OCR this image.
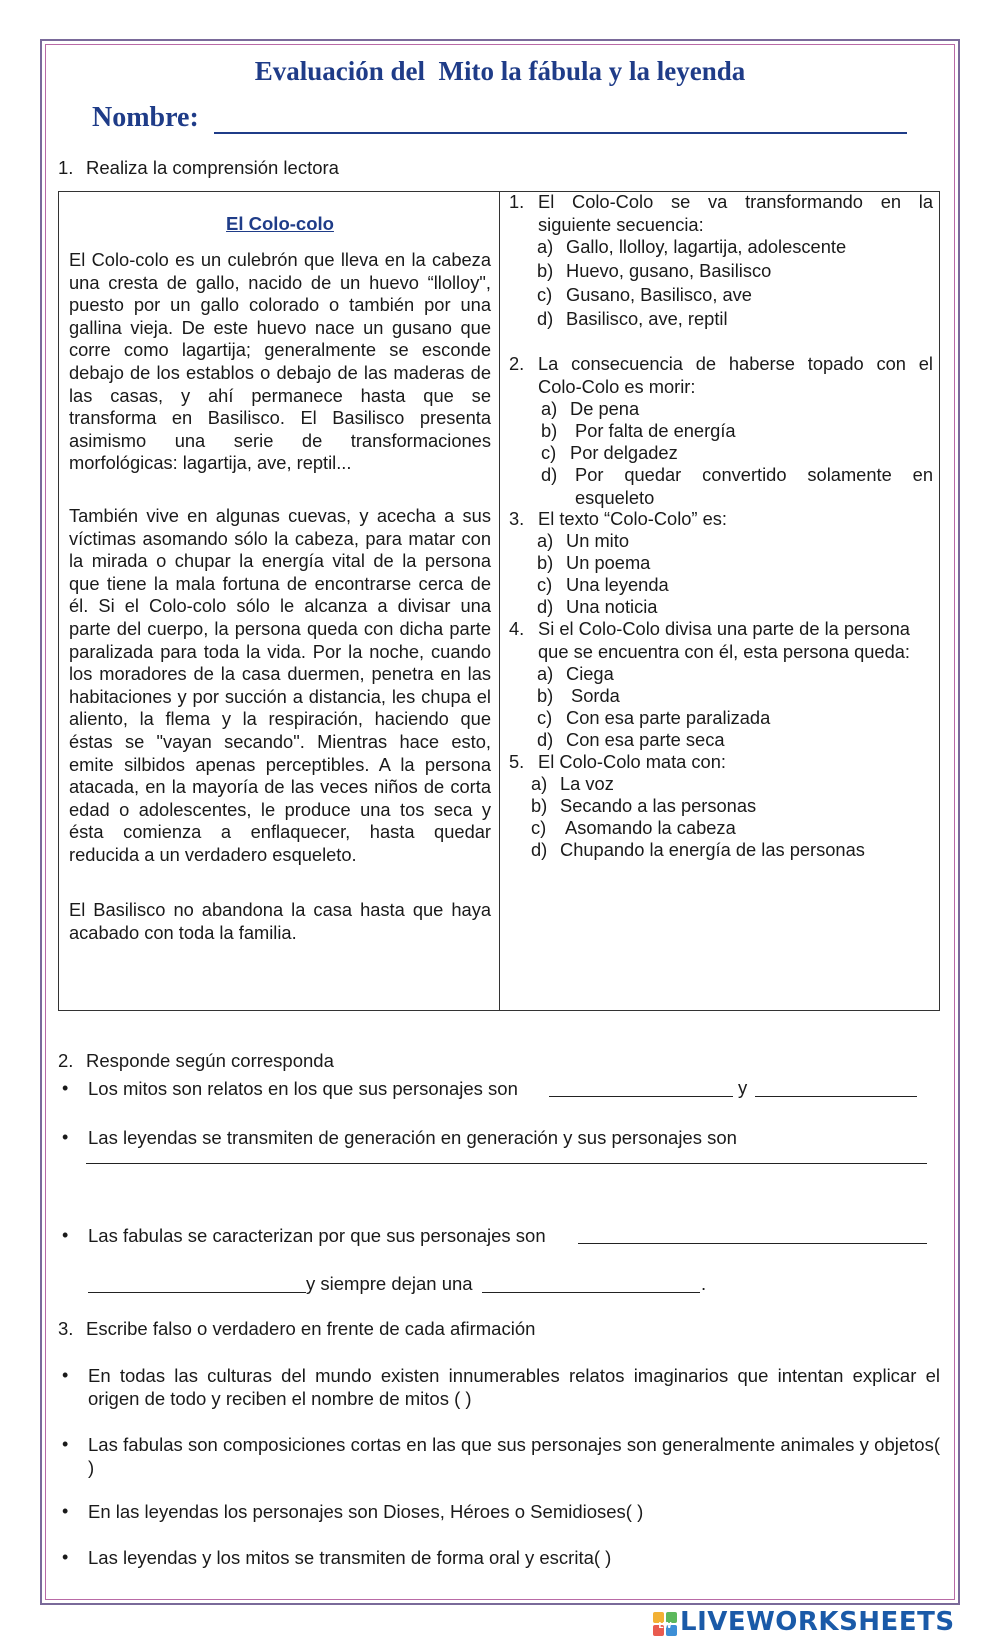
Evaluación del  Mito la fábula y la leyenda
Nombre:
1. Realiza la comprensión lectora
El Colo-colo
El Colo-colo es un culebrón que lleva en la cabeza una cresta de gallo, nacido de un huevo “llolloy", puesto por un gallo colorado o también por una gallina vieja. De este huevo nace un gusano que corre como lagartija; generalmente se esconde debajo de los establos o debajo de las maderas de las casas, y ahí permanece hasta que se transforma en Basilisco. El Basilisco presenta asimismo una serie de transformaciones morfológicas: lagartija, ave, reptil...
También vive en algunas cuevas, y acecha a sus víctimas asomando sólo la cabeza, para matar con la mirada o chupar la energía vital de la persona que tiene la mala fortuna de encontrarse cerca de él. Si el Colo-colo sólo le alcanza a divisar una parte del cuerpo, la persona queda con dicha parte paralizada para toda la vida. Por la noche, cuando los moradores de la casa duermen, penetra en las habitaciones y por succión a distancia, les chupa el aliento, la flema y la respiración, haciendo que éstas se "vayan secando". Mientras hace esto, emite silbidos apenas perceptibles. A la persona atacada, en la mayoría de las veces niños de corta edad o adolescentes, le produce una tos seca y ésta comienza a enflaquecer, hasta quedar reducida a un verdadero esqueleto.
El Basilisco no abandona la casa hasta que haya acabado con toda la familia.
1. El Colo-Colo se va transformando en la siguiente secuencia:
a) Gallo, llolloy, lagartija, adolescente
b) Huevo, gusano, Basilisco
c) Gusano, Basilisco, ave
d) Basilisco, ave, reptil
2. La consecuencia de haberse topado con el Colo-Colo es morir:
a) De pena
b) Por falta de energía
c) Por delgadez
d) Por quedar convertido solamente en esqueleto
3. El texto “Colo-Colo” es:
a) Un mito
b) Un poema
c) Una leyenda
d) Una noticia
4. Si el Colo-Colo divisa una parte de la persona que se encuentra con él, esta persona queda:
a) Ciega
b) Sorda
c) Con esa parte paralizada
d) Con esa parte seca
5. El Colo-Colo mata con:
a) La voz
b) Secando a las personas
c) Asomando la cabeza
d) Chupando la energía de las personas
2. Responde según corresponda
• Los mitos son relatos en los que sus personajes son	y
• Las leyendas se transmiten de generación en generación y sus personajes son
• Las fabulas se caracterizan por que sus personajes son
y siempre dejan una	.
3. Escribe falso o verdadero en frente de cada afirmación
• En todas las culturas del mundo existen innumerables relatos imaginarios que intentan explicar el origen de todo y reciben el nombre de mitos ( )
• Las fabulas son composiciones cortas en las que sus personajes son generalmente animales y objetos( )
• En las leyendas los personajes son Dioses, Héroes o Semidioses( )
• Las leyendas y los mitos se transmiten de forma oral y escrita( )
LW LIVEWORKSHEETS
